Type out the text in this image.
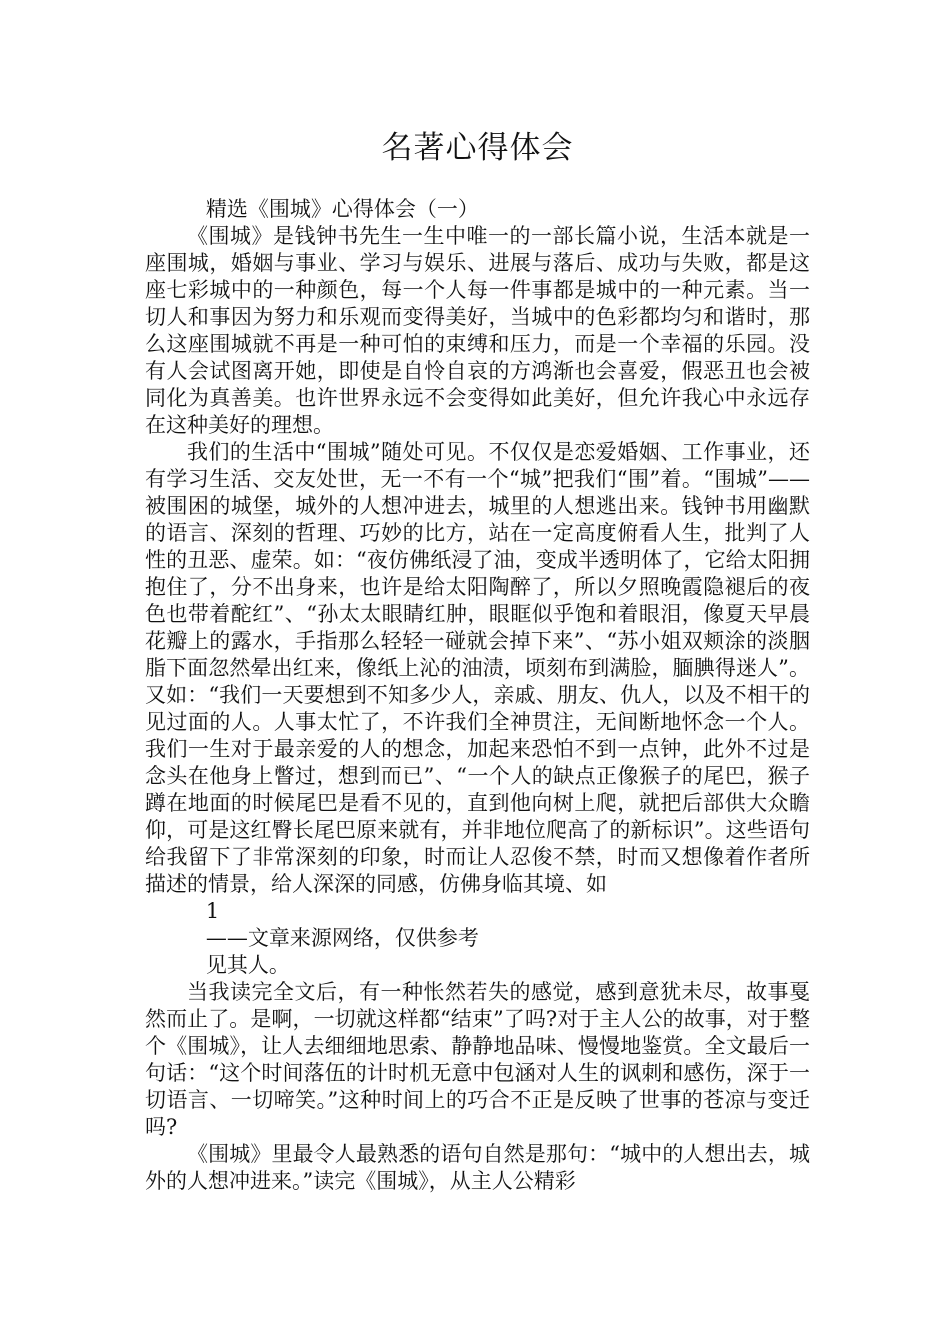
名著心得体会

精选《围城》心得体会（一）

《围城》是钱钟书先生一生中唯一的一部长篇小说，生活本就是一座围城，婚姻与事业、学习与娱乐、进展与落后、成功与失败，都是这座七彩城中的一种颜色，每一个人每一件事都是城中的一种元素。当一切人和事因为努力和乐观而变得美好，当城中的色彩都均匀和谐时，那么这座围城就不再是一种可怕的束缚和压力，而是一个幸福的乐园。没有人会试图离开她，即使是自怜自哀的方鸿渐也会喜爱，假恶丑也会被同化为真善美。也许世界永远不会变得如此美好，但允许我心中永远存在这种美好的理想。

我们的生活中“围城”随处可见。不仅仅是恋爱婚姻、工作事业，还有学习生活、交友处世，无一不有一个“城”把我们“围”着。“围城”——被围困的城堡，城外的人想冲进去，城里的人想逃出来。钱钟书用幽默的语言、深刻的哲理、巧妙的比方，站在一定高度俯看人生，批判了人性的丑恶、虚荣。如：“夜仿佛纸浸了油，变成半透明体了，它给太阳拥抱住了，分不出身来，也许是给太阳陶醉了，所以夕照晚霞隐褪后的夜色也带着酡红”、“孙太太眼睛红肿，眼眶似乎饱和着眼泪，像夏天早晨花瓣上的露水，手指那么轻轻一碰就会掉下来”、“苏小姐双颊涂的淡胭脂下面忽然晕出红来，像纸上沁的油渍，顷刻布到满脸，腼腆得迷人”。又如：“我们一天要想到不知多少人，亲戚、朋友、仇人，以及不相干的见过面的人。人事太忙了，不许我们全神贯注，无间断地怀念一个人。我们一生对于最亲爱的人的想念，加起来恐怕不到一点钟，此外不过是念头在他身上瞥过，想到而已”、“一个人的缺点正像猴子的尾巴，猴子蹲在地面的时候尾巴是看不见的，直到他向树上爬，就把后部供大众瞻仰，可是这红臀长尾巴原来就有，并非地位爬高了的新标识”。这些语句给我留下了非常深刻的印象，时而让人忍俊不禁，时而又想像着作者所描述的情景，给人深深的同感，仿佛身临其境、如

1

——文章来源网络，仅供参考

见其人。

当我读完全文后，有一种怅然若失的感觉，感到意犹未尽，故事戛然而止了。是啊，一切就这样都“结束”了吗?对于主人公的故事，对于整个《围城》，让人去细细地思索、静静地品味、慢慢地鉴赏。全文最后一句话：“这个时间落伍的计时机无意中包涵对人生的讽刺和感伤，深于一切语言、一切啼笑。”这种时间上的巧合不正是反映了世事的苍凉与变迁吗?

《围城》里最令人最熟悉的语句自然是那句：“城中的人想出去，城外的人想冲进来。”读完《围城》，从主人公精彩
